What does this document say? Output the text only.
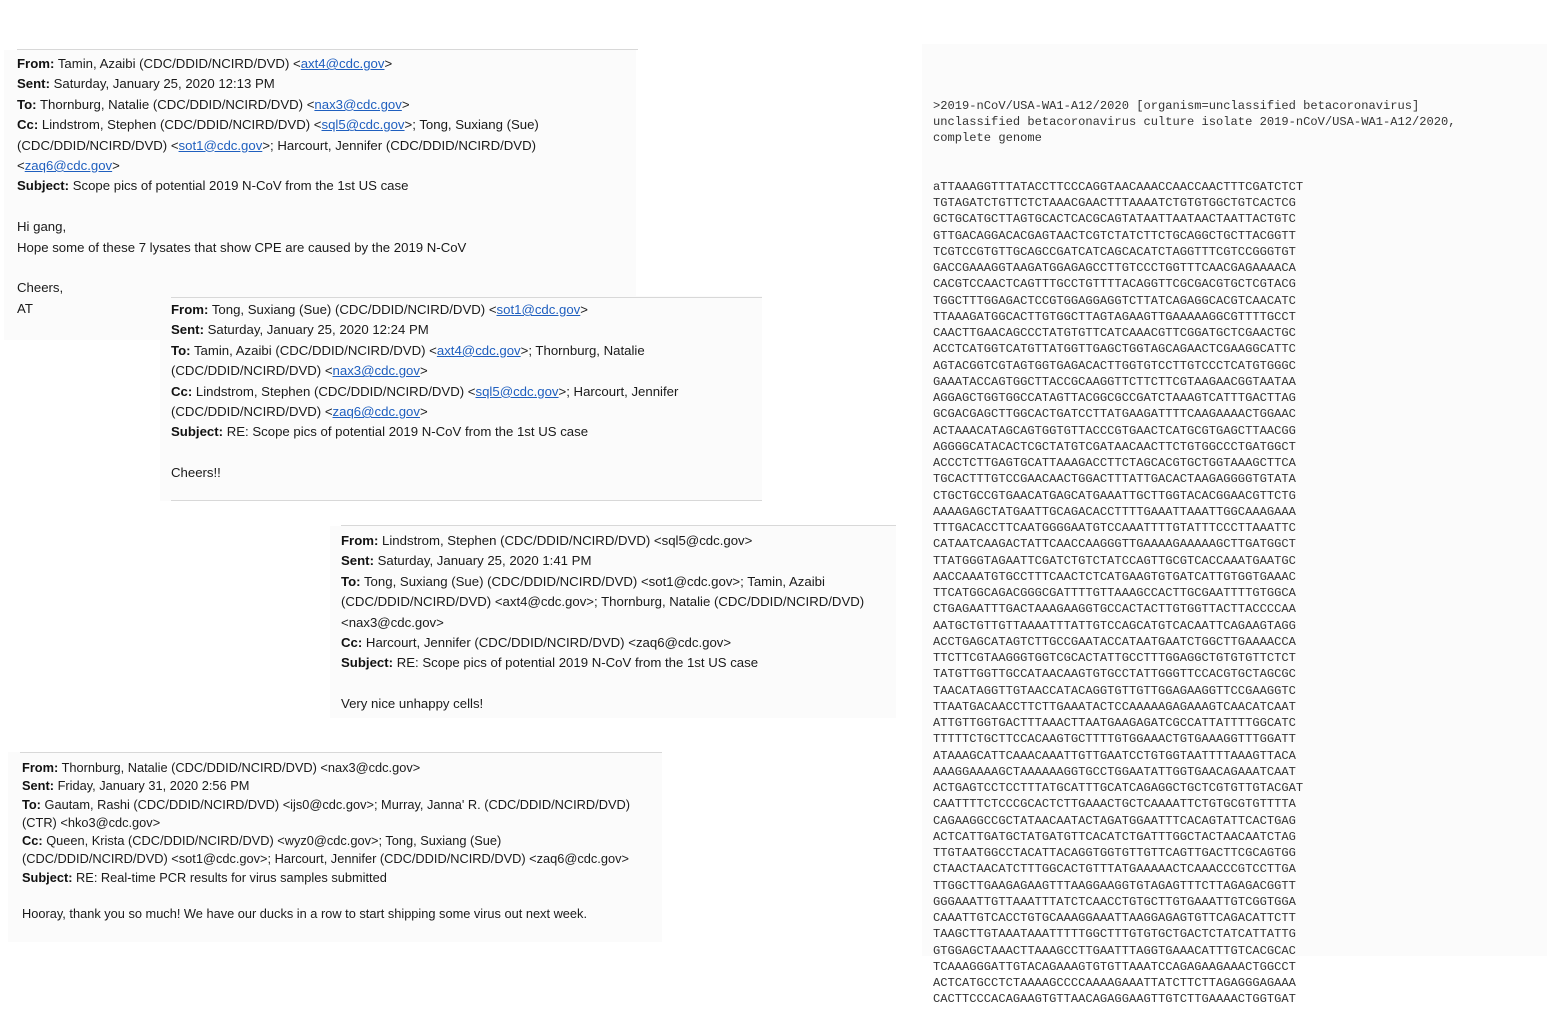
From: Tamin, Azaibi (CDC/DDID/NCIRD/DVD) <axt4@cdc.gov>
Sent: Saturday, January 25, 2020 12:13 PM
To: Thornburg, Natalie (CDC/DDID/NCIRD/DVD) <nax3@cdc.gov>
Cc: Lindstrom, Stephen (CDC/DDID/NCIRD/DVD) <sql5@cdc.gov>; Tong, Suxiang (Sue)
(CDC/DDID/NCIRD/DVD) <sot1@cdc.gov>; Harcourt, Jennifer (CDC/DDID/NCIRD/DVD)
<zaq6@cdc.gov>
Subject: Scope pics of potential 2019 N-CoV from the 1st US case
Hi gang,
Hope some of these 7 lysates that show CPE are caused by the 2019 N-CoV
Cheers,
AT	From: Tong, Suxiang (Sue) (CDC/DDID/NCIRD/DVD) <sot1@cdc.gov>
Sent: Saturday, January 25, 2020 12:24 PM
To: Tamin, Azaibi (CDC/DDID/NCIRD/DVD) <axt4@cdc.gov>; Thornburg, Natalie
(CDC/DDID/NCIRD/DVD) <nax3@cdc.gov>
Cc: Lindstrom, Stephen (CDC/DDID/NCIRD/DVD) <sql5@cdc.gov>; Harcourt, Jennifer
(CDC/DDID/NCIRD/DVD) <zaq6@cdc.gov>
Subject: RE: Scope pics of potential 2019 N-CoV from the 1st US case
Cheers!!
From: Lindstrom, Stephen (CDC/DDID/NCIRD/DVD) <sql5@cdc.gov>
Sent: Saturday, January 25, 2020 1:41 PM
To: Tong, Suxiang (Sue) (CDC/DDID/NCIRD/DVD) <sot1@cdc.gov>; Tamin, Azaibi
(CDC/DDID/NCIRD/DVD) <axt4@cdc.gov>; Thornburg, Natalie (CDC/DDID/NCIRD/DVD)
<nax3@cdc.gov>
Cc: Harcourt, Jennifer (CDC/DDID/NCIRD/DVD) <zaq6@cdc.gov>
Subject: RE: Scope pics of potential 2019 N-CoV from the 1st US case
Very nice unhappy cells!
From: Thornburg, Natalie (CDC/DDID/NCIRD/DVD) <nax3@cdc.gov>
Sent: Friday, January 31, 2020 2:56 PM
To: Gautam, Rashi (CDC/DDID/NCIRD/DVD) <ijs0@cdc.gov>; Murray, Janna' R. (CDC/DDID/NCIRD/DVD)
(CTR) <hko3@cdc.gov>
Cc: Queen, Krista (CDC/DDID/NCIRD/DVD) <wyz0@cdc.gov>; Tong, Suxiang (Sue)
(CDC/DDID/NCIRD/DVD) <sot1@cdc.gov>; Harcourt, Jennifer (CDC/DDID/NCIRD/DVD) <zaq6@cdc.gov>
Subject: RE: Real-time PCR results for virus samples submitted
Hooray, thank you so much! We have our ducks in a row to start shipping some virus out next week.

>2019-nCoV/USA-WA1-A12/2020 [organism=unclassified betacoronavirus]
unclassified betacoronavirus culture isolate 2019-nCoV/USA-WA1-A12/2020,
complete genome

aTTAAAGGTTTATACCTTCCCAGGTAACAAACCAACCAACTTTCGATCTCT
TGTAGATCTGTTCTCTAAACGAACTTTAAAATCTGTGTGGCTGTCACTCG
GCTGCATGCTTAGTGCACTCACGCAGTATAATTAATAACTAATTACTGTC
GTTGACAGGACACGAGTAACTCGTCTATCTTCTGCAGGCTGCTTACGGTT
TCGTCCGTGTTGCAGCCGATCATCAGCACATCTAGGTTTCGTCCGGGTGT
GACCGAAAGGTAAGATGGAGAGCCTTGTCCCTGGTTTCAACGAGAAAACA
CACGTCCAACTCAGTTTGCCTGTTTTACAGGTTCGCGACGTGCTCGTACG
TGGCTTTGGAGACTCCGTGGAGGAGGTCTTATCAGAGGCACGTCAACATC
TTAAAGATGGCACTTGTGGCTTAGTAGAAGTTGAAAAAGGCGTTTTGCCT
CAACTTGAACAGCCCTATGTGTTCATCAAACGTTCGGATGCTCGAACTGC
ACCTCATGGTCATGTTATGGTTGAGCTGGTAGCAGAACTCGAAGGCATTC
AGTACGGTCGTAGTGGTGAGACACTTGGTGTCCTTGTCCCTCATGTGGGC
GAAATACCAGTGGCTTACCGCAAGGTTCTTCTTCGTAAGAACGGTAATAA
AGGAGCTGGTGGCCATAGTTACGGCGCCGATCTAAAGTCATTTGACTTAG
GCGACGAGCTTGGCACTGATCCTTATGAAGATTTTCAAGAAAACTGGAAC
ACTAAACATAGCAGTGGTGTTACCCGTGAACTCATGCGTGAGCTTAACGG
AGGGGCATACACTCGCTATGTCGATAACAACTTCTGTGGCCCTGATGGCT
ACCCTCTTGAGTGCATTAAAGACCTTCTAGCACGTGCTGGTAAAGCTTCA
TGCACTTTGTCCGAACAACTGGACTTTATTGACACTAAGAGGGGTGTATA
CTGCTGCCGTGAACATGAGCATGAAATTGCTTGGTACACGGAACGTTCTG
AAAAGAGCTATGAATTGCAGACACCTTTTGAAATTAAATTGGCAAAGAAA
TTTGACACCTTCAATGGGGAATGTCCAAATTTTGTATTTCCCTTAAATTC
CATAATCAAGACTATTCAACCAAGGGTTGAAAAGAAAAAGCTTGATGGCT
TTATGGGTAGAATTCGATCTGTCTATCCAGTTGCGTCACCAAATGAATGC
AACCAAATGTGCCTTTCAACTCTCATGAAGTGTGATCATTGTGGTGAAAC
TTCATGGCAGACGGGCGATTTTGTTAAAGCCACTTGCGAATTTTGTGGCA
CTGAGAATTTGACTAAAGAAGGTGCCACTACTTGTGGTTACTTACCCCAA
AATGCTGTTGTTAAAATTTATTGTCCAGCATGTCACAATTCAGAAGTAGG
ACCTGAGCATAGTCTTGCCGAATACCATAATGAATCTGGCTTGAAAACCA
TTCTTCGTAAGGGTGGTCGCACTATTGCCTTTGGAGGCTGTGTGTTCTCT
TATGTTGGTTGCCATAACAAGTGTGCCTATTGGGTTCCACGTGCTAGCGC
TAACATAGGTTGTAACCATACAGGTGTTGTTGGAGAAGGTTCCGAAGGTC
TTAATGACAACCTTCTTGAAATACTCCAAAAAGAGAAAGTCAACATCAAT
ATTGTTGGTGACTTTAAACTTAATGAAGAGATCGCCATTATTTTGGCATC
TTTTTCTGCTTCCACAAGTGCTTTTGTGGAAACTGTGAAAGGTTTGGATT
ATAAAGCATTCAAACAAATTGTTGAATCCTGTGGTAATTTTAAAGTTACA
AAAGGAAAAGCTAAAAAAGGTGCCTGGAATATTGGTGAACAGAAATCAAT
ACTGAGTCCTCCTTTATGCATTTGCATCAGAGGCTGCTCGTGTTGTACGAT
CAATTTTCTCCCGCACTCTTGAAACTGCTCAAAATTCTGTGCGTGTTTTA
CAGAAGGCCGCTATAACAATACTAGATGGAATTTCACAGTATTCACTGAG
ACTCATTGATGCTATGATGTTCACATCTGATTTGGCTACTAACAATCTAG
TTGTAATGGCCTACATTACAGGTGGTGTTGTTCAGTTGACTTCGCAGTGG
CTAACTAACATCTTTGGCACTGTTTATGAAAAACTCAAACCCGTCCTTGA
TTGGCTTGAAGAGAAGTTTAAGGAAGGTGTAGAGTTTCTTAGAGACGGTT
GGGAAATTGTTAAATTTATCTCAACCTGTGCTTGTGAAATTGTCGGTGGA
CAAATTGTCACCTGTGCAAAGGAAATTAAGGAGAGTGTTCAGACATTCTT
TAAGCTTGTAAATAAATTTTTGGCTTTGTGTGCTGACTCTATCATTATTG
GTGGAGCTAAACTTAAAGCCTTGAATTTAGGTGAAACATTTGTCACGCAC
TCAAAGGGATTGTACAGAAAGTGTGTTAAATCCAGAGAAGAAACTGGCCT
ACTCATGCCTCTAAAAGCCCCAAAAGAAATTATCTTCTTAGAGGGAGAAA
CACTTCCCACAGAAGTGTTAACAGAGGAAGTTGTCTTGAAAACTGGTGAT
